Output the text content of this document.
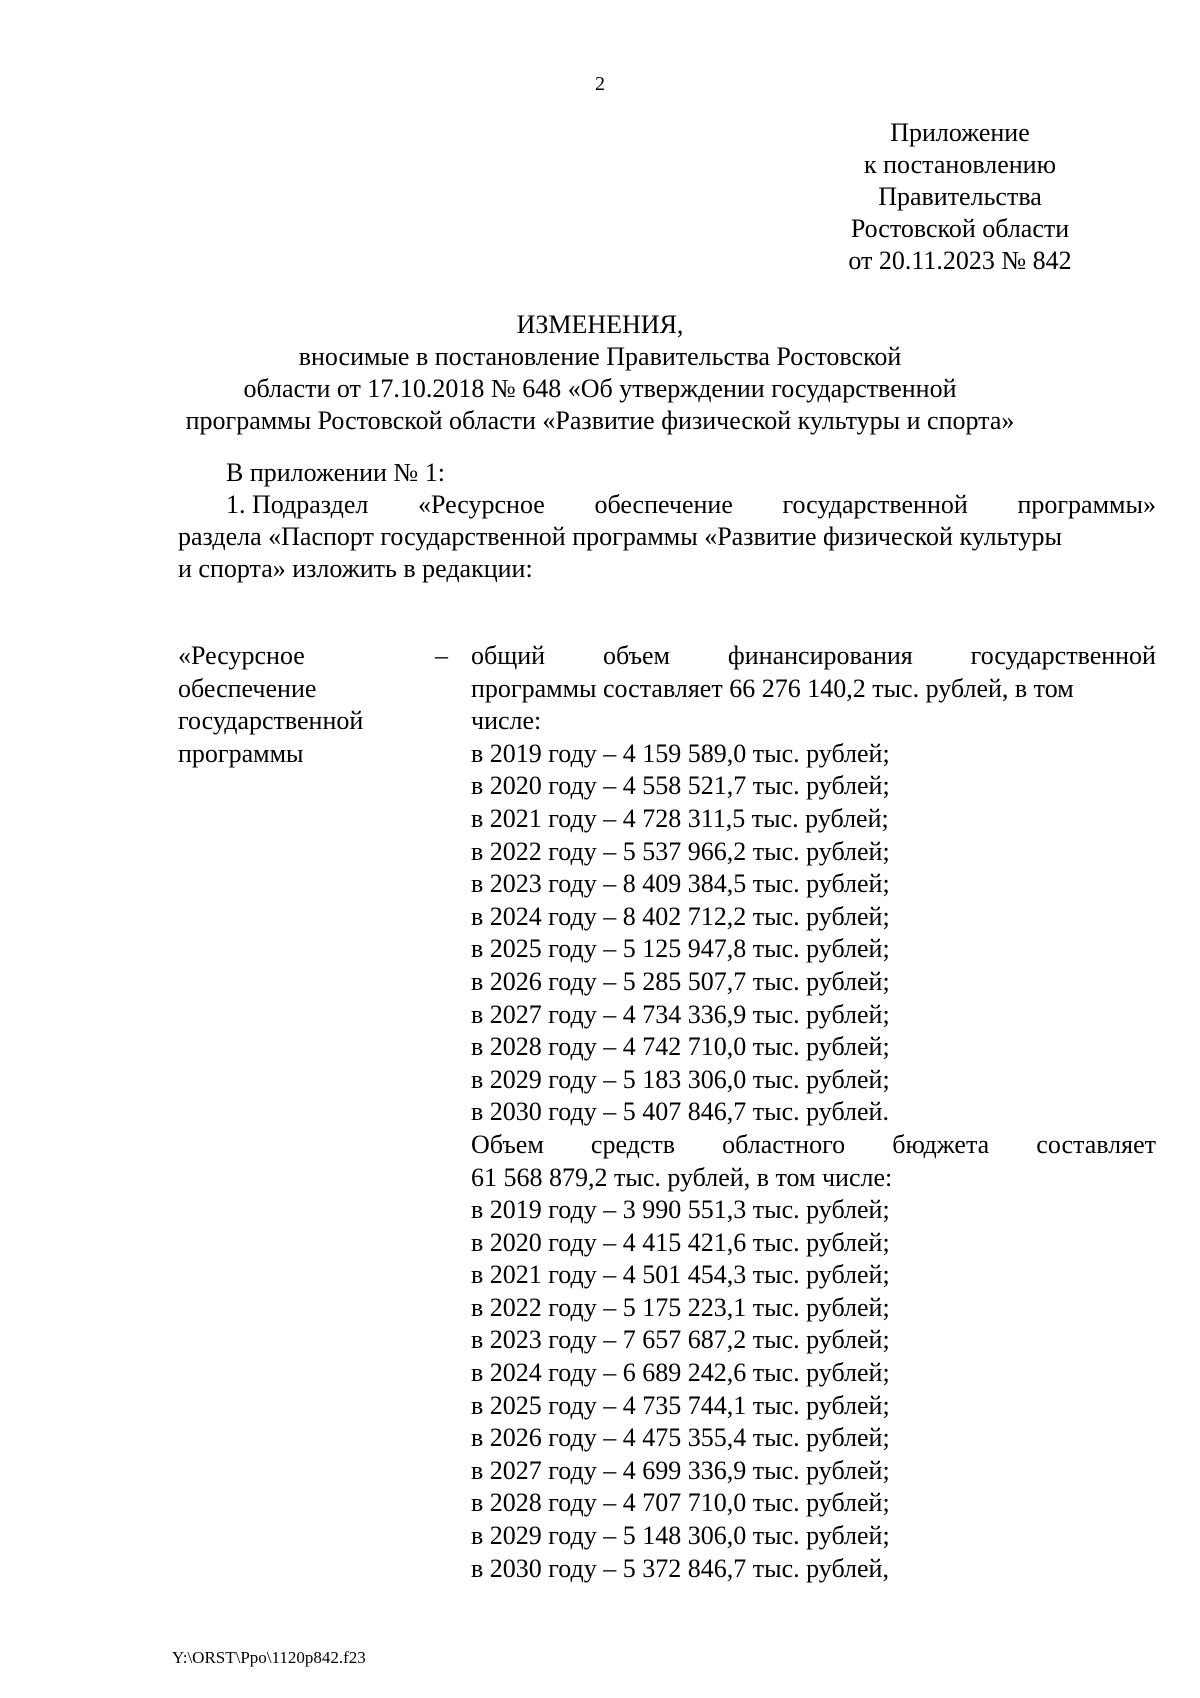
2
Приложение
к постановлению
Правительства
Ростовской области
от 20.11.2023 № 842
ИЗМЕНЕНИЯ,
вносимые в постановление Правительства Ростовской
области от 17.10.2018 № 648 «Об утверждении государственной
программы Ростовской области «Развитие физической культуры и спорта»
В приложении № 1:
1. Подраздел «Ресурсное обеспечение государственной программы»
раздела «Паспорт государственной программы «Развитие физической культуры
и спорта» изложить в редакции:
«Ресурсное
обеспечение
государственной
программы
– общий объем финансирования государственной
программы составляет 66 276 140,2 тыс. рублей, в том
числе:
в 2019 году – 4 159 589,0 тыс. рублей;
в 2020 году – 4 558 521,7 тыс. рублей;
в 2021 году – 4 728 311,5 тыс. рублей;
в 2022 году – 5 537 966,2 тыс. рублей;
в 2023 году – 8 409 384,5 тыс. рублей;
в 2024 году – 8 402 712,2 тыс. рублей;
в 2025 году – 5 125 947,8 тыс. рублей;
в 2026 году – 5 285 507,7 тыс. рублей;
в 2027 году – 4 734 336,9 тыс. рублей;
в 2028 году – 4 742 710,0 тыс. рублей;
в 2029 году – 5 183 306,0 тыс. рублей;
в 2030 году – 5 407 846,7 тыс. рублей.
Объем средств областного бюджета составляет
61 568 879,2 тыс. рублей, в том числе:
в 2019 году – 3 990 551,3 тыс. рублей;
в 2020 году – 4 415 421,6 тыс. рублей;
в 2021 году – 4 501 454,3 тыс. рублей;
в 2022 году – 5 175 223,1 тыс. рублей;
в 2023 году – 7 657 687,2 тыс. рублей;
в 2024 году – 6 689 242,6 тыс. рублей;
в 2025 году – 4 735 744,1 тыс. рублей;
в 2026 году – 4 475 355,4 тыс. рублей;
в 2027 году – 4 699 336,9 тыс. рублей;
в 2028 году – 4 707 710,0 тыс. рублей;
в 2029 году – 5 148 306,0 тыс. рублей;
в 2030 году – 5 372 846,7 тыс. рублей,
Y:\ORST\Ppo\1120p842.f23
